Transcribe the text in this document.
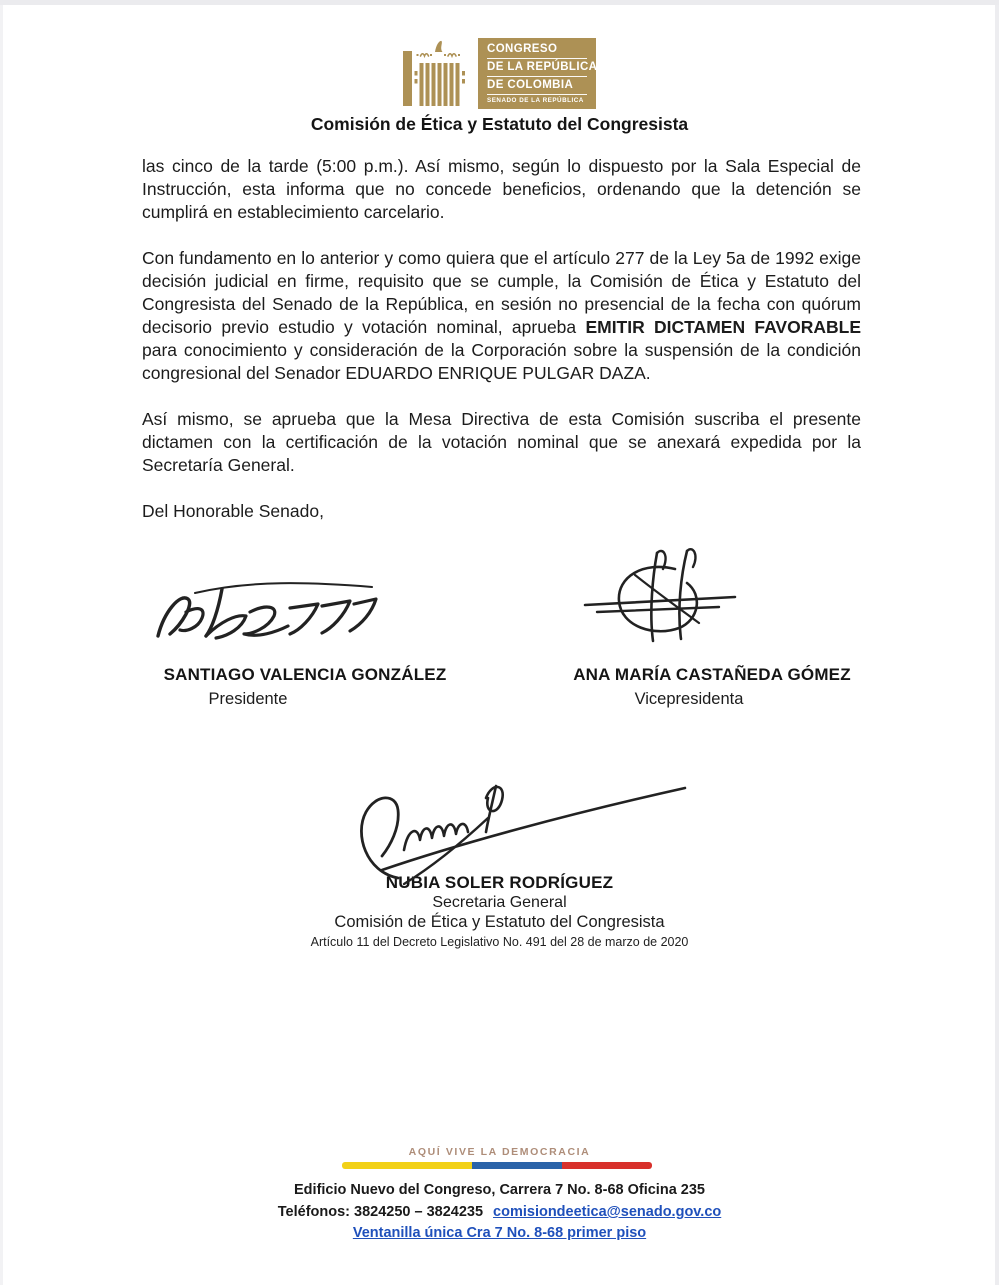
CONGRESO
DE LA REPÚBLICA
DE COLOMBIA
SENADO DE LA REPÚBLICA
Comisión de Ética y Estatuto del Congresista

las cinco de la tarde (5:00 p.m.). Así mismo, según lo dispuesto por la Sala Especial de Instrucción, esta informa que no concede beneficios, ordenando que la detención se cumplirá en establecimiento carcelario.

Con fundamento en lo anterior y como quiera que el artículo 277 de la Ley 5a de 1992 exige decisión judicial en firme, requisito que se cumple, la Comisión de Ética y Estatuto del Congresista del Senado de la República, en sesión no presencial de la fecha con quórum decisorio previo estudio y votación nominal, aprueba EMITIR DICTAMEN FAVORABLE para conocimiento y consideración de la Corporación sobre la suspensión de la condición congresional del Senador EDUARDO ENRIQUE PULGAR DAZA.

Así mismo, se aprueba que la Mesa Directiva de esta Comisión suscriba el presente dictamen con la certificación de la votación nominal que se anexará expedida por la Secretaría General.

Del Honorable Senado,

SANTIAGO VALENCIA GONZÁLEZ
Presidente
ANA MARÍA CASTAÑEDA GÓMEZ
Vicepresidenta
NUBIA SOLER RODRÍGUEZ
Secretaria General
Comisión de Ética y Estatuto del Congresista
Artículo 11 del Decreto Legislativo No. 491 del 28 de marzo de 2020
AQUÍ VIVE LA DEMOCRACIA
Edificio Nuevo del Congreso, Carrera 7 No. 8-68 Oficina 235
Teléfonos: 3824250 – 3824235 comisiondeetica@senado.gov.co
Ventanilla única Cra 7 No. 8-68 primer piso
